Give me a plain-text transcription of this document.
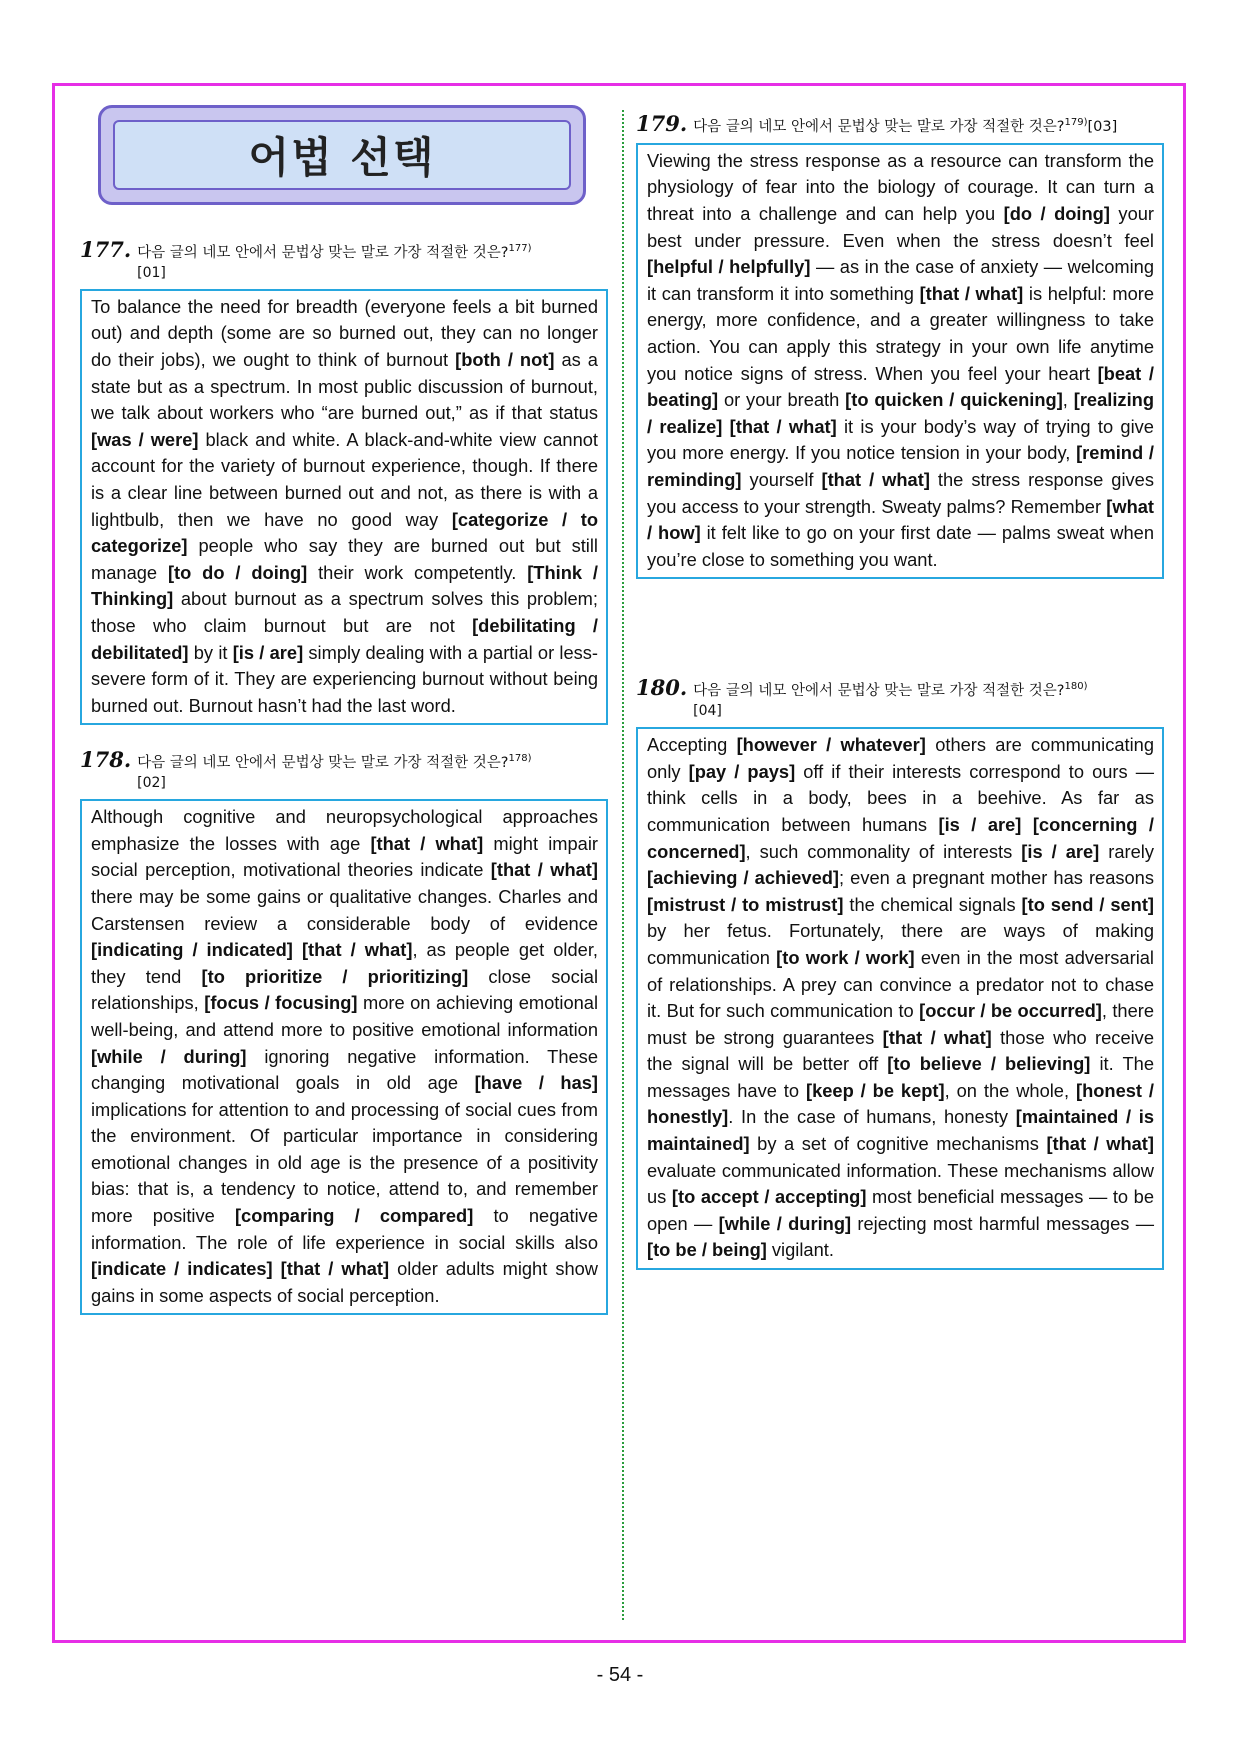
어법 선택
177. 다음 글의 네모 안에서 문법상 맞는 말로 가장 적절한 것은?$^{177)}$
[01]
To balance the need for breadth (everyone feels a bit burned out) and depth (some are so burned out, they can no longer do their jobs), we ought to think of burnout [both / not] as a state but as a spectrum. In most public discussion of burnout, we talk about workers who “are burned out,” as if that status [was / were] black and white. A black-and-white view cannot account for the variety of burnout experience, though. If there is a clear line between burned out and not, as there is with a lightbulb, then we have no good way [categorize / to categorize] people who say they are burned out but still manage [to do / doing] their work competently. [Think / Thinking] about burnout as a spectrum solves this problem; those who claim burnout but are not [debilitating / debilitated] by it [is / are] simply dealing with a partial or less-severe form of it. They are experiencing burnout without being burned out. Burnout hasn’t had the last word.
178. 다음 글의 네모 안에서 문법상 맞는 말로 가장 적절한 것은?$^{178)}$
[02]
Although cognitive and neuropsychological approaches emphasize the losses with age [that / what] might impair social perception, motivational theories indicate [that / what] there may be some gains or qualitative changes. Charles and Carstensen review a considerable body of evidence [indicating / indicated] [that / what], as people get older, they tend [to prioritize / prioritizing] close social relationships, [focus / focusing] more on achieving emotional well-being, and attend more to positive emotional information [while / during] ignoring negative information. These changing motivational goals in old age [have / has] implications for attention to and processing of social cues from the environment. Of particular importance in considering emotional changes in old age is the presence of a positivity bias: that is, a tendency to notice, attend to, and remember more positive [comparing / compared] to negative information. The role of life experience in social skills also [indicate / indicates] [that / what] older adults might show gains in some aspects of social perception.
179. 다음 글의 네모 안에서 문법상 맞는 말로 가장 적절한 것은?$^{179)}$[03]
Viewing the stress response as a resource can transform the physiology of fear into the biology of courage. It can turn a threat into a challenge and can help you [do / doing] your best under pressure. Even when the stress doesn’t feel [helpful / helpfully] — as in the case of anxiety — welcoming it can transform it into something [that / what] is helpful: more energy, more confidence, and a greater willingness to take action. You can apply this strategy in your own life anytime you notice signs of stress. When you feel your heart [beat / beating] or your breath [to quicken / quickening], [realizing / realize] [that / what] it is your body’s way of trying to give you more energy. If you notice tension in your body, [remind / reminding] yourself [that / what] the stress response gives you access to your strength. Sweaty palms? Remember [what / how] it felt like to go on your first date — palms sweat when you’re close to something you want.
180. 다음 글의 네모 안에서 문법상 맞는 말로 가장 적절한 것은?$^{180)}$
[04]
Accepting [however / whatever] others are communicating only [pay / pays] off if their interests correspond to ours — think cells in a body, bees in a beehive. As far as communication between humans [is / are] [concerning / concerned], such commonality of interests [is / are] rarely [achieving / achieved]; even a pregnant mother has reasons [mistrust / to mistrust] the chemical signals [to send / sent] by her fetus. Fortunately, there are ways of making communication [to work / work] even in the most adversarial of relationships. A prey can convince a predator not to chase it. But for such communication to [occur / be occurred], there must be strong guarantees [that / what] those who receive the signal will be better off [to believe / believing] it. The messages have to [keep / be kept], on the whole, [honest / honestly]. In the case of humans, honesty [maintained / is maintained] by a set of cognitive mechanisms [that / what] evaluate communicated information. These mechanisms allow us [to accept / accepting] most beneficial messages — to be open — [while / during] rejecting most harmful messages — [to be / being] vigilant.
- 54 -
